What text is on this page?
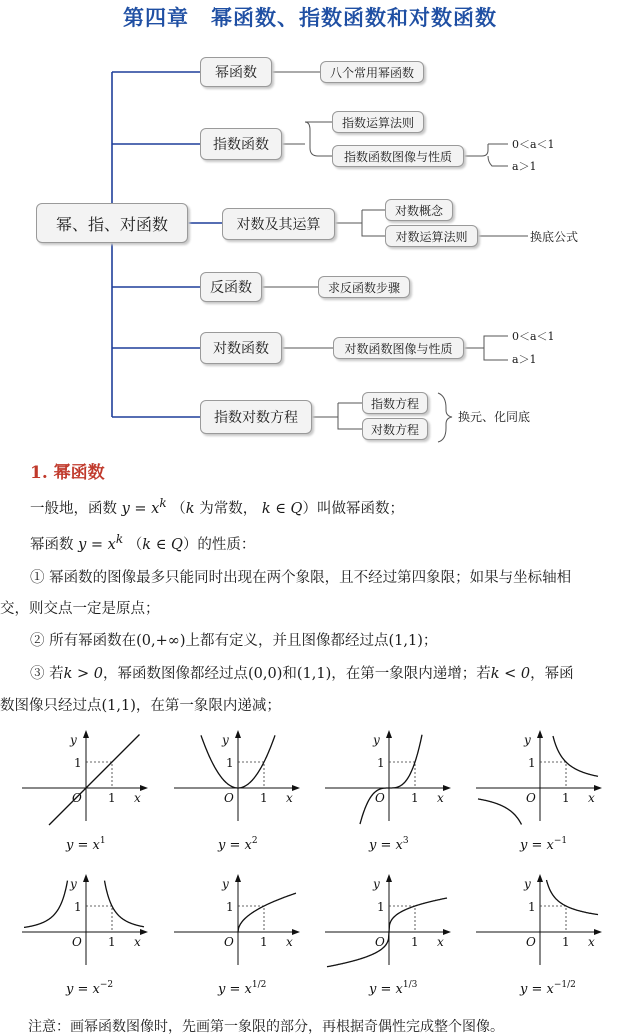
第四章　幂函数、指数函数和对数函数
幂、指、对函数
幂函数	八个常用幂函数
指数函数
指数运算法则
指数函数图像与性质
0＜a＜1
a＞1
对数及其运算
对数概念
对数运算法则	换底公式
反函数	求反函数步骤
对数函数	对数函数图像与性质
0＜a＜1
a＞1
指数对数方程
指数方程
对数方程
换元、化同底
1. 幂函数
一般地，函数 $y = x^k$ （k 为常数， k ∈ Q）叫做幂函数；
幂函数 $y = x^k$ （k ∈ Q）的性质：
① 幂函数的图像最多只能同时出现在两个象限，且不经过第四象限；如果与坐标轴相
交，则交点一定是原点；
② 所有幂函数在(0,+∞)上都有定义，并且图像都经过点(1,1)；
③ 若k > 0，幂函数图像都经过点(0,0)和(1,1)，在第一象限内递增；若k < 0，幂函
数图像只经过点(1,1)，在第一象限内递减；
y
x
O 1
1
$y = x^1$
y
x
O 1
1
$y = x^2$
y
x
O 1
1
$y = x^3$
y
x
O 1
1
$y = x^{-1}$
y
x
O 1
1
$y = x^{-2}$
y
x
O 1
1
$y = x^{1/2}$
y
x
O 1
1
$y = x^{1/3}$
y
x
O 1
1
$y = x^{-1/2}$
注意：画幂函数图像时，先画第一象限的部分，再根据奇偶性完成整个图像。
